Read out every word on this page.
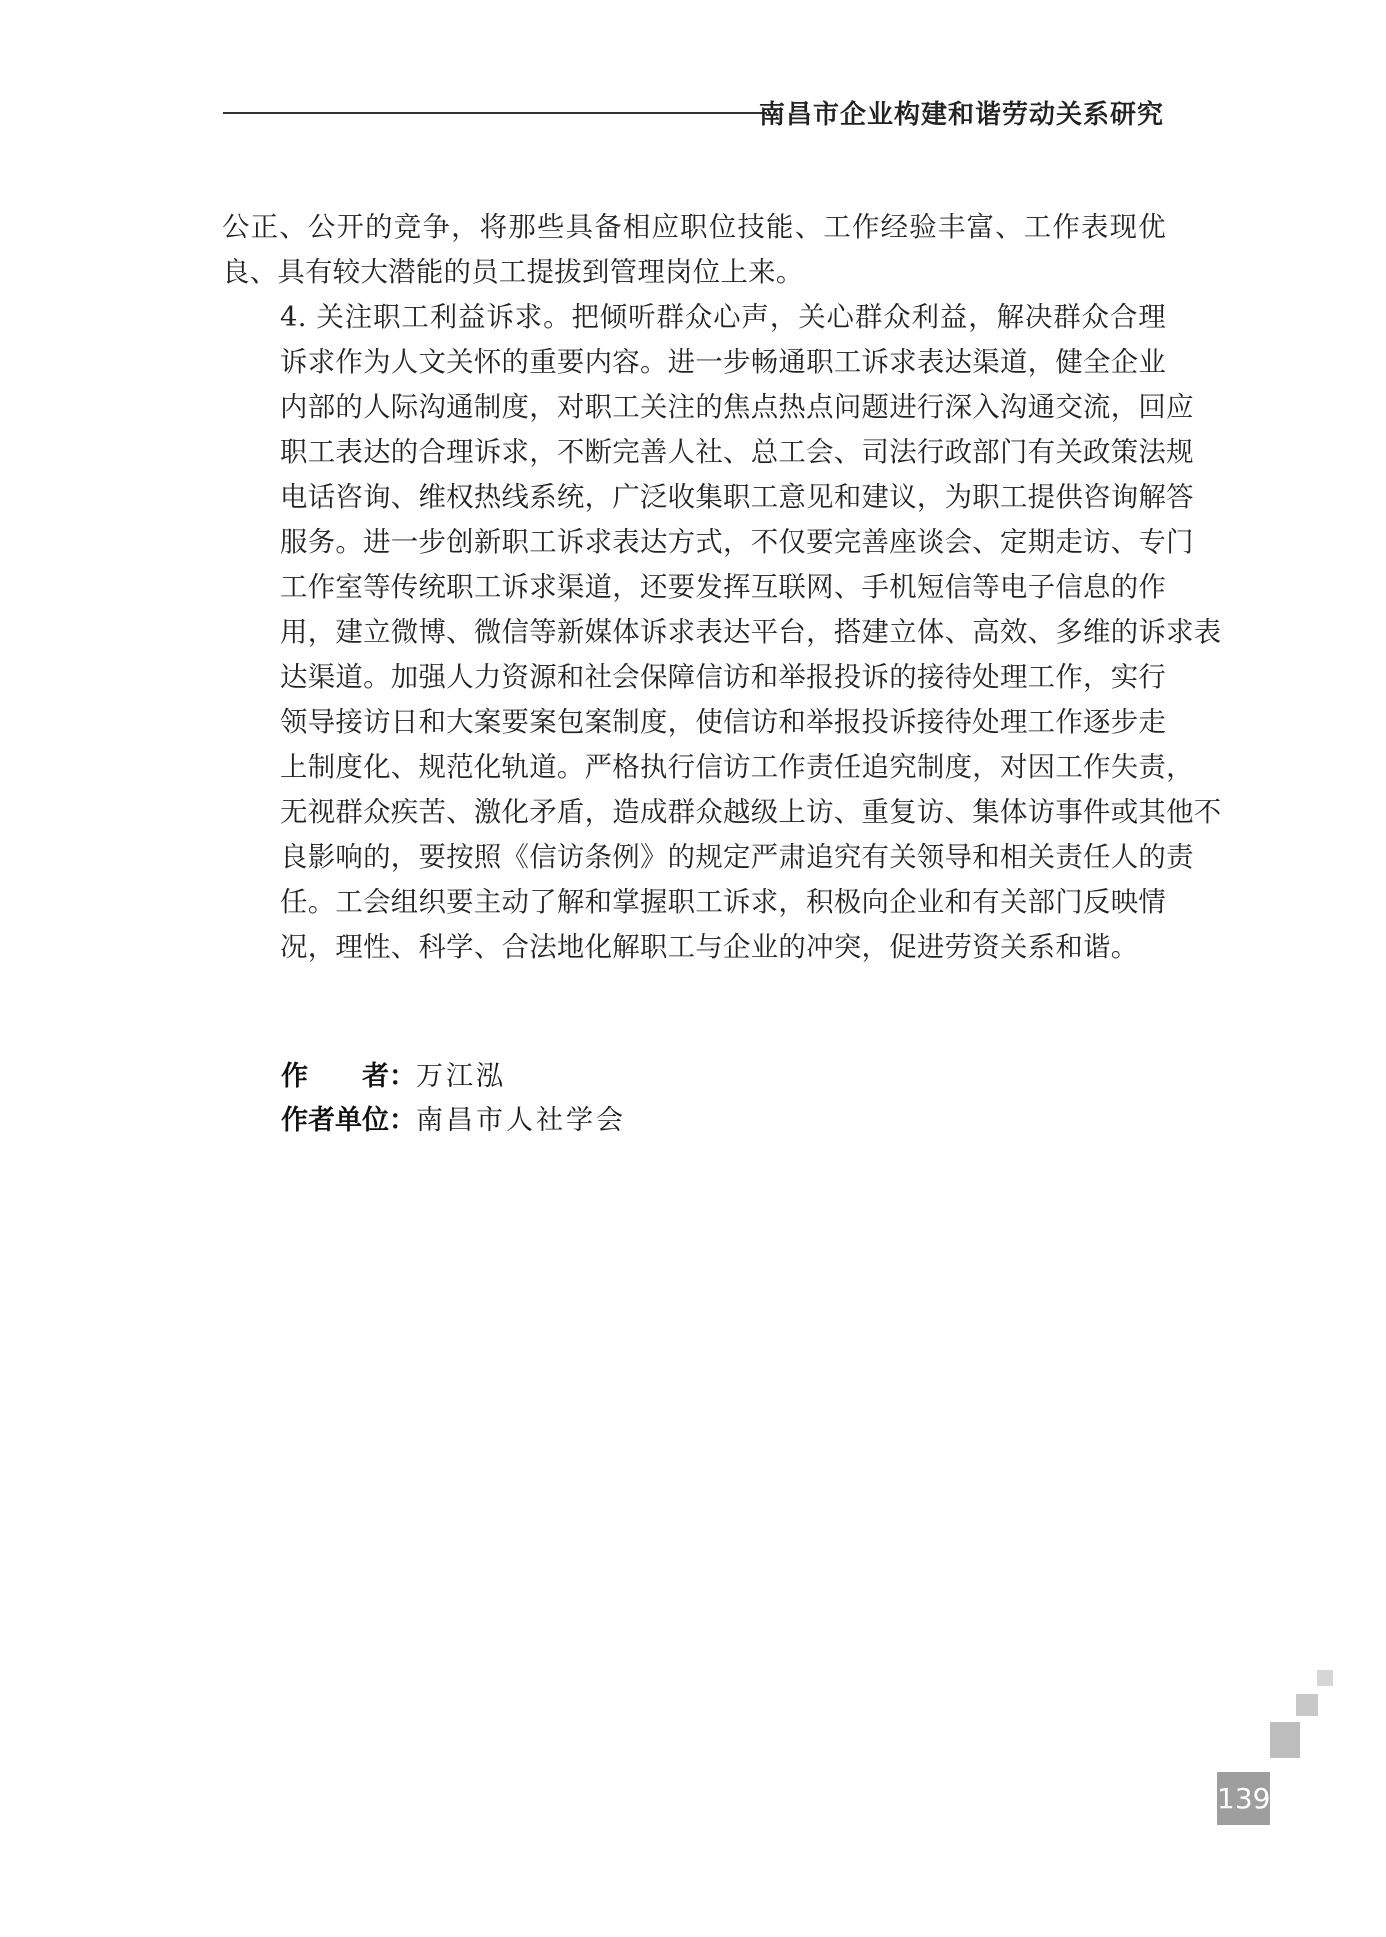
南昌市企业构建和谐劳动关系研究

公正、公开的竞争，将那些具备相应职位技能、工作经验丰富、工作表现优
良、具有较大潜能的员工提拔到管理岗位上来。

4. 关注职工利益诉求。把倾听群众心声，关心群众利益，解决群众合理
诉求作为人文关怀的重要内容。进一步畅通职工诉求表达渠道，健全企业
内部的人际沟通制度，对职工关注的焦点热点问题进行深入沟通交流，回应
职工表达的合理诉求，不断完善人社、总工会、司法行政部门有关政策法规
电话咨询、维权热线系统，广泛收集职工意见和建议，为职工提供咨询解答
服务。进一步创新职工诉求表达方式，不仅要完善座谈会、定期走访、专门
工作室等传统职工诉求渠道，还要发挥互联网、手机短信等电子信息的作
用，建立微博、微信等新媒体诉求表达平台，搭建立体、高效、多维的诉求表
达渠道。加强人力资源和社会保障信访和举报投诉的接待处理工作，实行
领导接访日和大案要案包案制度，使信访和举报投诉接待处理工作逐步走
上制度化、规范化轨道。严格执行信访工作责任追究制度，对因工作失责，
无视群众疾苦、激化矛盾，造成群众越级上访、重复访、集体访事件或其他不
良影响的，要按照《信访条例》的规定严肃追究有关领导和相关责任人的责
任。工会组织要主动了解和掌握职工诉求，积极向企业和有关部门反映情
况，理性、科学、合法地化解职工与企业的冲突，促进劳资关系和谐。

作　　者：万江泓
作者单位：南昌市人社学会
139
